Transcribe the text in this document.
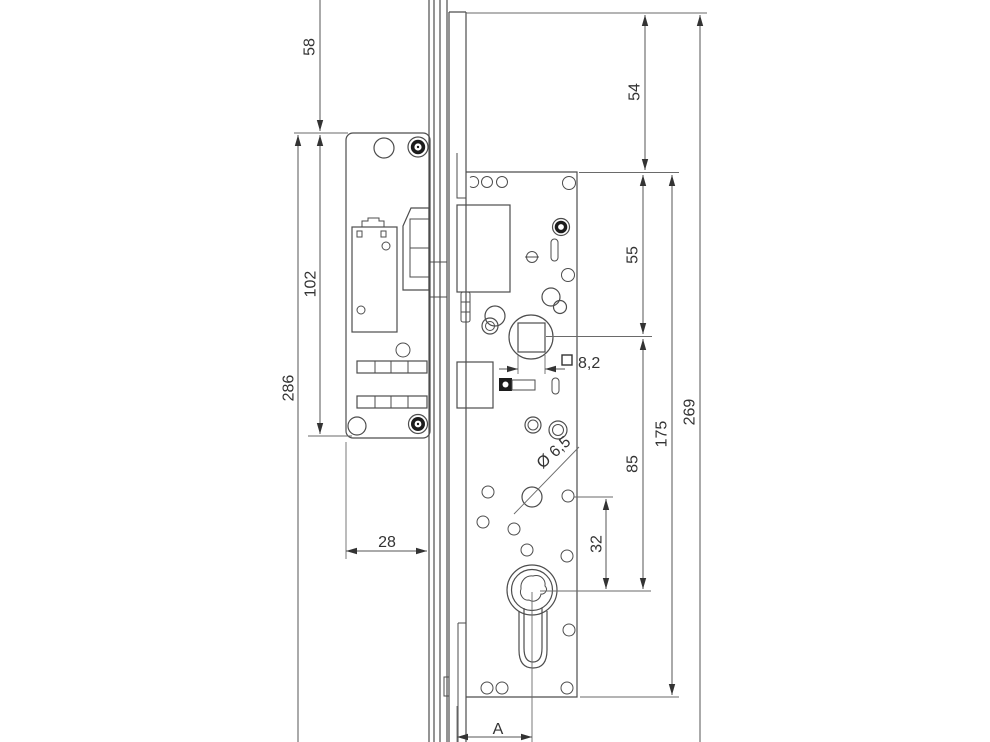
58
102
286
54
55
85
175
269
32
8,2
28
A
Ø 6,5
